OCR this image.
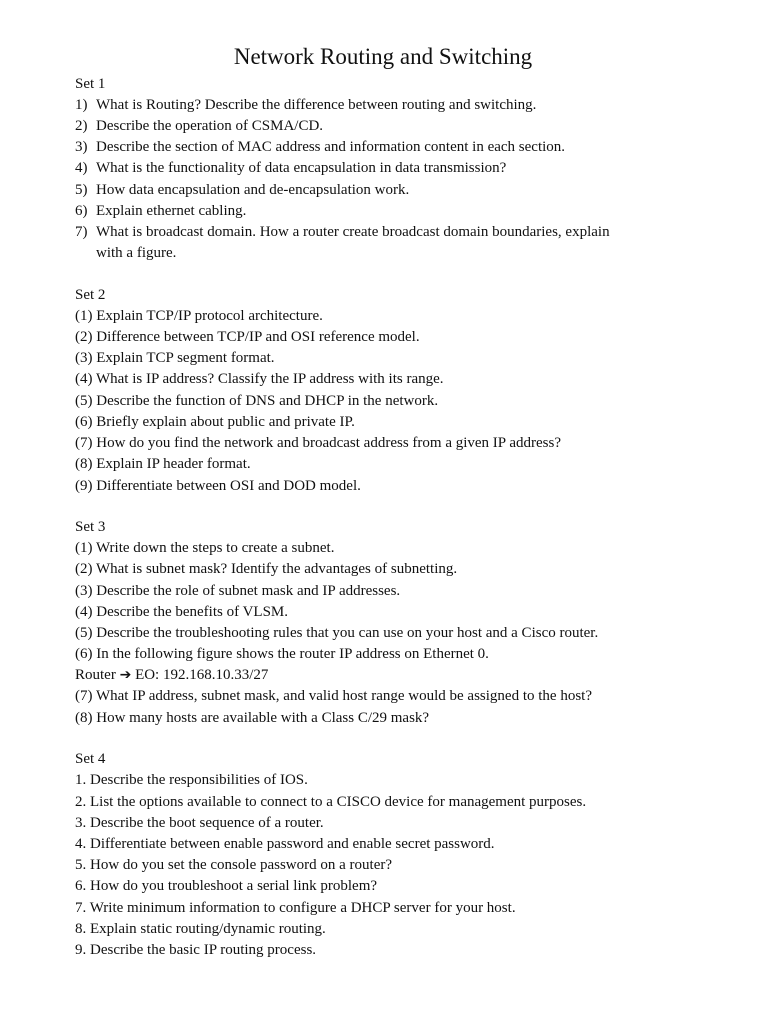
Network Routing and Switching
Set 1
1) What is Routing? Describe the difference between routing and switching.
2) Describe the operation of CSMA/CD.
3) Describe the section of MAC address and information content in each section.
4) What is the functionality of data encapsulation in data transmission?
5) How data encapsulation and de-encapsulation work.
6) Explain ethernet cabling.
7) What is broadcast domain. How a router create broadcast domain boundaries, explain
with a figure.
Set 2
(1) Explain TCP/IP protocol architecture.
(2) Difference between TCP/IP and OSI reference model.
(3) Explain TCP segment format.
(4) What is IP address? Classify the IP address with its range.
(5) Describe the function of DNS and DHCP in the network.
(6) Briefly explain about public and private IP.
(7) How do you find the network and broadcast address from a given IP address?
(8) Explain IP header format.
(9) Differentiate between OSI and DOD model.
Set 3
(1) Write down the steps to create a subnet.
(2) What is subnet mask? Identify the advantages of subnetting.
(3) Describe the role of subnet mask and IP addresses.
(4) Describe the benefits of VLSM.
(5) Describe the troubleshooting rules that you can use on your host and a Cisco router.
(6) In the following figure shows the router IP address on Ethernet 0.
Router ➔ EO: 192.168.10.33/27
(7) What IP address, subnet mask, and valid host range would be assigned to the host?
(8) How many hosts are available with a Class C/29 mask?
Set 4
1. Describe the responsibilities of IOS.
2. List the options available to connect to a CISCO device for management purposes.
3. Describe the boot sequence of a router.
4. Differentiate between enable password and enable secret password.
5. How do you set the console password on a router?
6. How do you troubleshoot a serial link problem?
7. Write minimum information to configure a DHCP server for your host.
8. Explain static routing/dynamic routing.
9. Describe the basic IP routing process.
